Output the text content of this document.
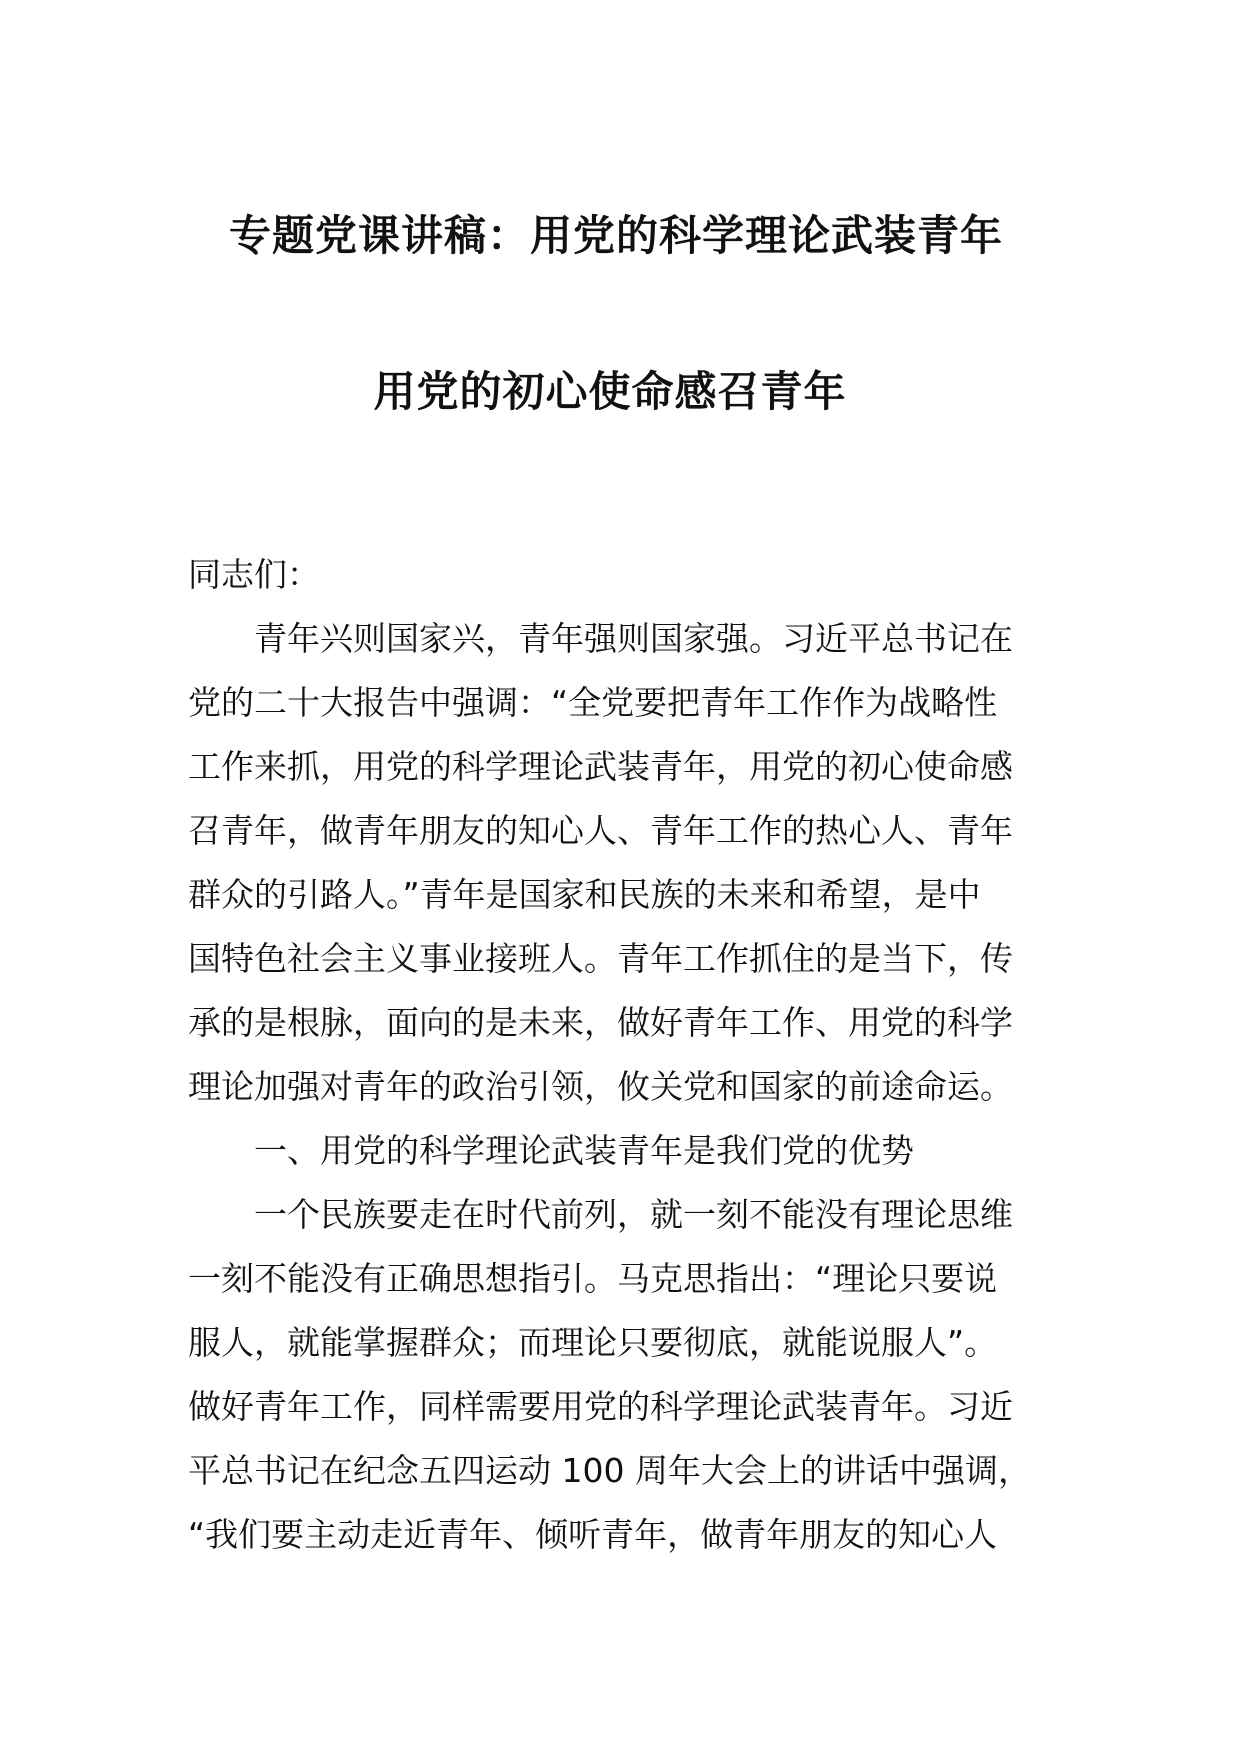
专题党课讲稿：用党的科学理论武装青年
用党的初心使命感召青年
同志们：
青年兴则国家兴，青年强则国家强。习近平总书记在
党的二十大报告中强调：“全党要把青年工作作为战略性
工作来抓，用党的科学理论武装青年，用党的初心使命感
召青年，做青年朋友的知心人、青年工作的热心人、青年
群众的引路人。”青年是国家和民族的未来和希望，是中
国特色社会主义事业接班人。青年工作抓住的是当下，传
承的是根脉，面向的是未来，做好青年工作、用党的科学
理论加强对青年的政治引领，攸关党和国家的前途命运。
一、用党的科学理论武装青年是我们党的优势
一个民族要走在时代前列，就一刻不能没有理论思维
一刻不能没有正确思想指引。马克思指出：“理论只要说
服人，就能掌握群众；而理论只要彻底，就能说服人”。
做好青年工作，同样需要用党的科学理论武装青年。习近
平总书记在纪念五四运动 100 周年大会上的讲话中强调，
“我们要主动走近青年、倾听青年，做青年朋友的知心人
